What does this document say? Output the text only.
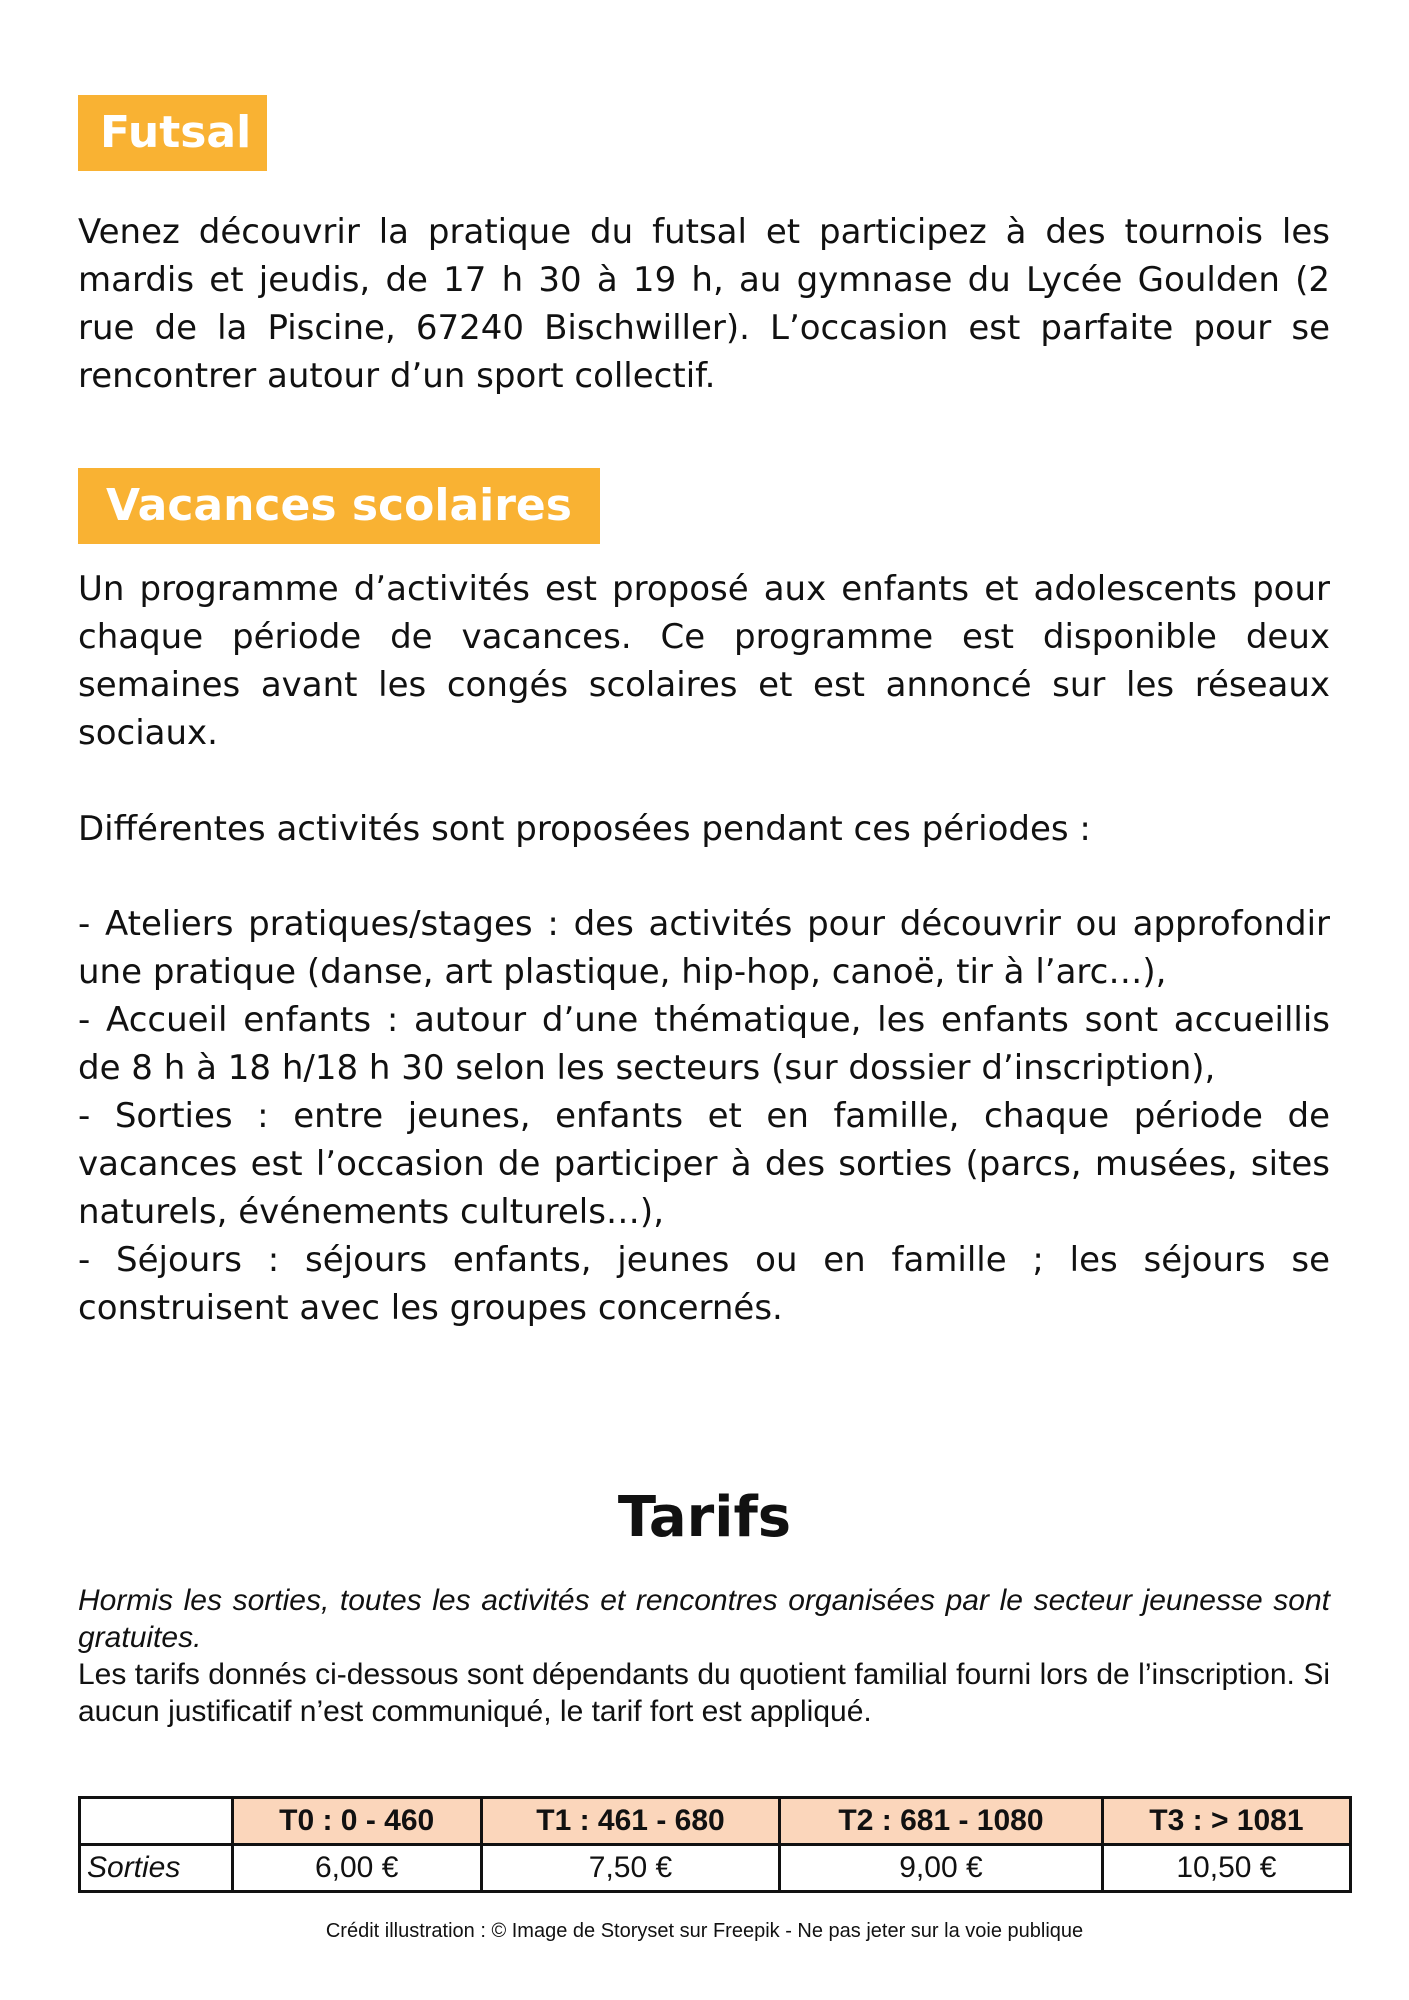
Futsal

Venez découvrir la pratique du futsal et participez à des tournois les mardis et jeudis, de 17 h 30 à 19 h, au gymnase du Lycée Goulden (2 rue de la Piscine, 67240 Bischwiller). L’occasion est parfaite pour se rencontrer autour d’un sport collectif.

Vacances scolaires

Un programme d’activités est proposé aux enfants et adolescents pour chaque période de vacances. Ce programme est disponible deux semaines avant les congés scolaires et est annoncé sur les réseaux sociaux.

Différentes activités sont proposées pendant ces périodes :

- Ateliers pratiques/stages : des activités pour découvrir ou approfondir une pratique (danse, art plastique, hip-hop, canoë, tir à l’arc…),
- Accueil enfants : autour d’une thématique, les enfants sont accueillis de 8 h à 18 h/18 h 30 selon les secteurs (sur dossier d’inscription),
- Sorties : entre jeunes, enfants et en famille, chaque période de vacances est l’occasion de participer à des sorties (parcs, musées, sites naturels, événements culturels…),
- Séjours : séjours enfants, jeunes ou en famille ; les séjours se construisent avec les groupes concernés.
Tarifs

Hormis les sorties, toutes les activités et rencontres organisées par le secteur jeunesse sont gratuites.

Les tarifs donnés ci-dessous sont dépendants du quotient familial fourni lors de l’inscription. Si aucun justificatif n’est communiqué, le tarif fort est appliqué.

	T0 : 0 - 460	T1 : 461 - 680	T2 : 681 - 1080	T3 : > 1081
Sorties	6,00 €	7,50 €	9,00 €	10,50 €
Crédit illustration : © Image de Storyset sur Freepik - Ne pas jeter sur la voie publique
